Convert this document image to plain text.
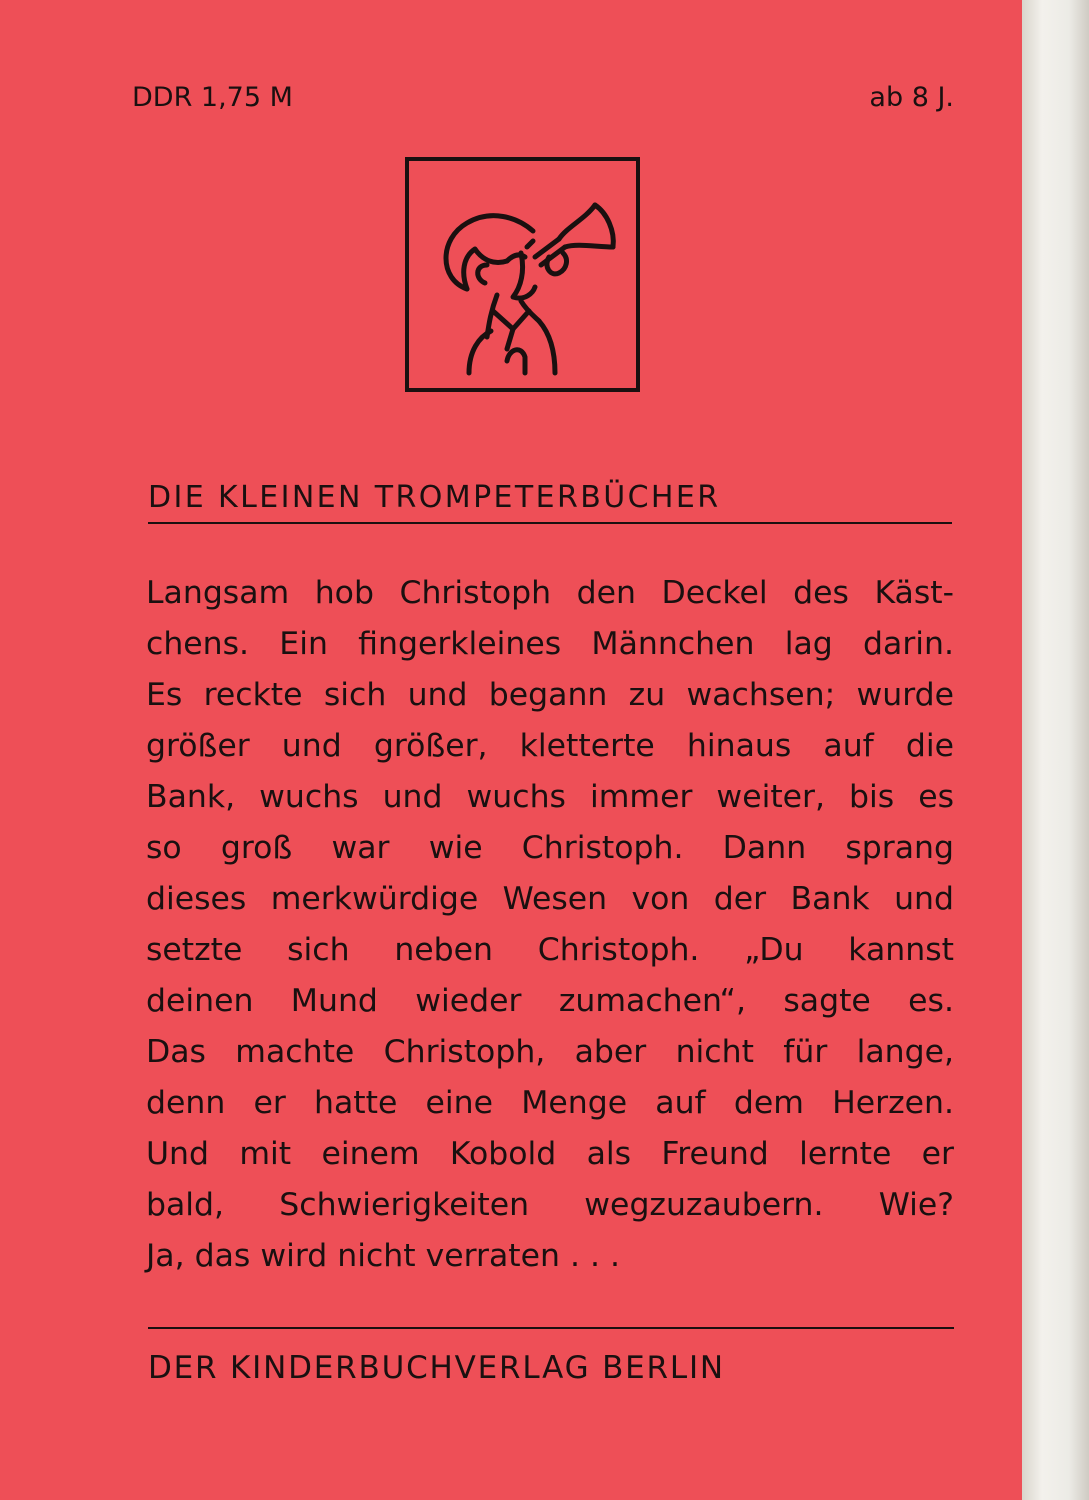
DDR 1,75 M	ab 8 J.
DIE KLEINEN TROMPETERBÜCHER
Langsam hob Christoph den Deckel des Käst-
chens. Ein fingerkleines Männchen lag darin.
Es reckte sich und begann zu wachsen; wurde
größer und größer, kletterte hinaus auf die
Bank, wuchs und wuchs immer weiter, bis es
so groß war wie Christoph. Dann sprang
dieses merkwürdige Wesen von der Bank und
setzte sich neben Christoph. „Du kannst
deinen Mund wieder zumachen“, sagte es.
Das machte Christoph, aber nicht für lange,
denn er hatte eine Menge auf dem Herzen.
Und mit einem Kobold als Freund lernte er
bald, Schwierigkeiten wegzuzaubern. Wie?
Ja, das wird nicht verraten . . .
DER KINDERBUCHVERLAG BERLIN
